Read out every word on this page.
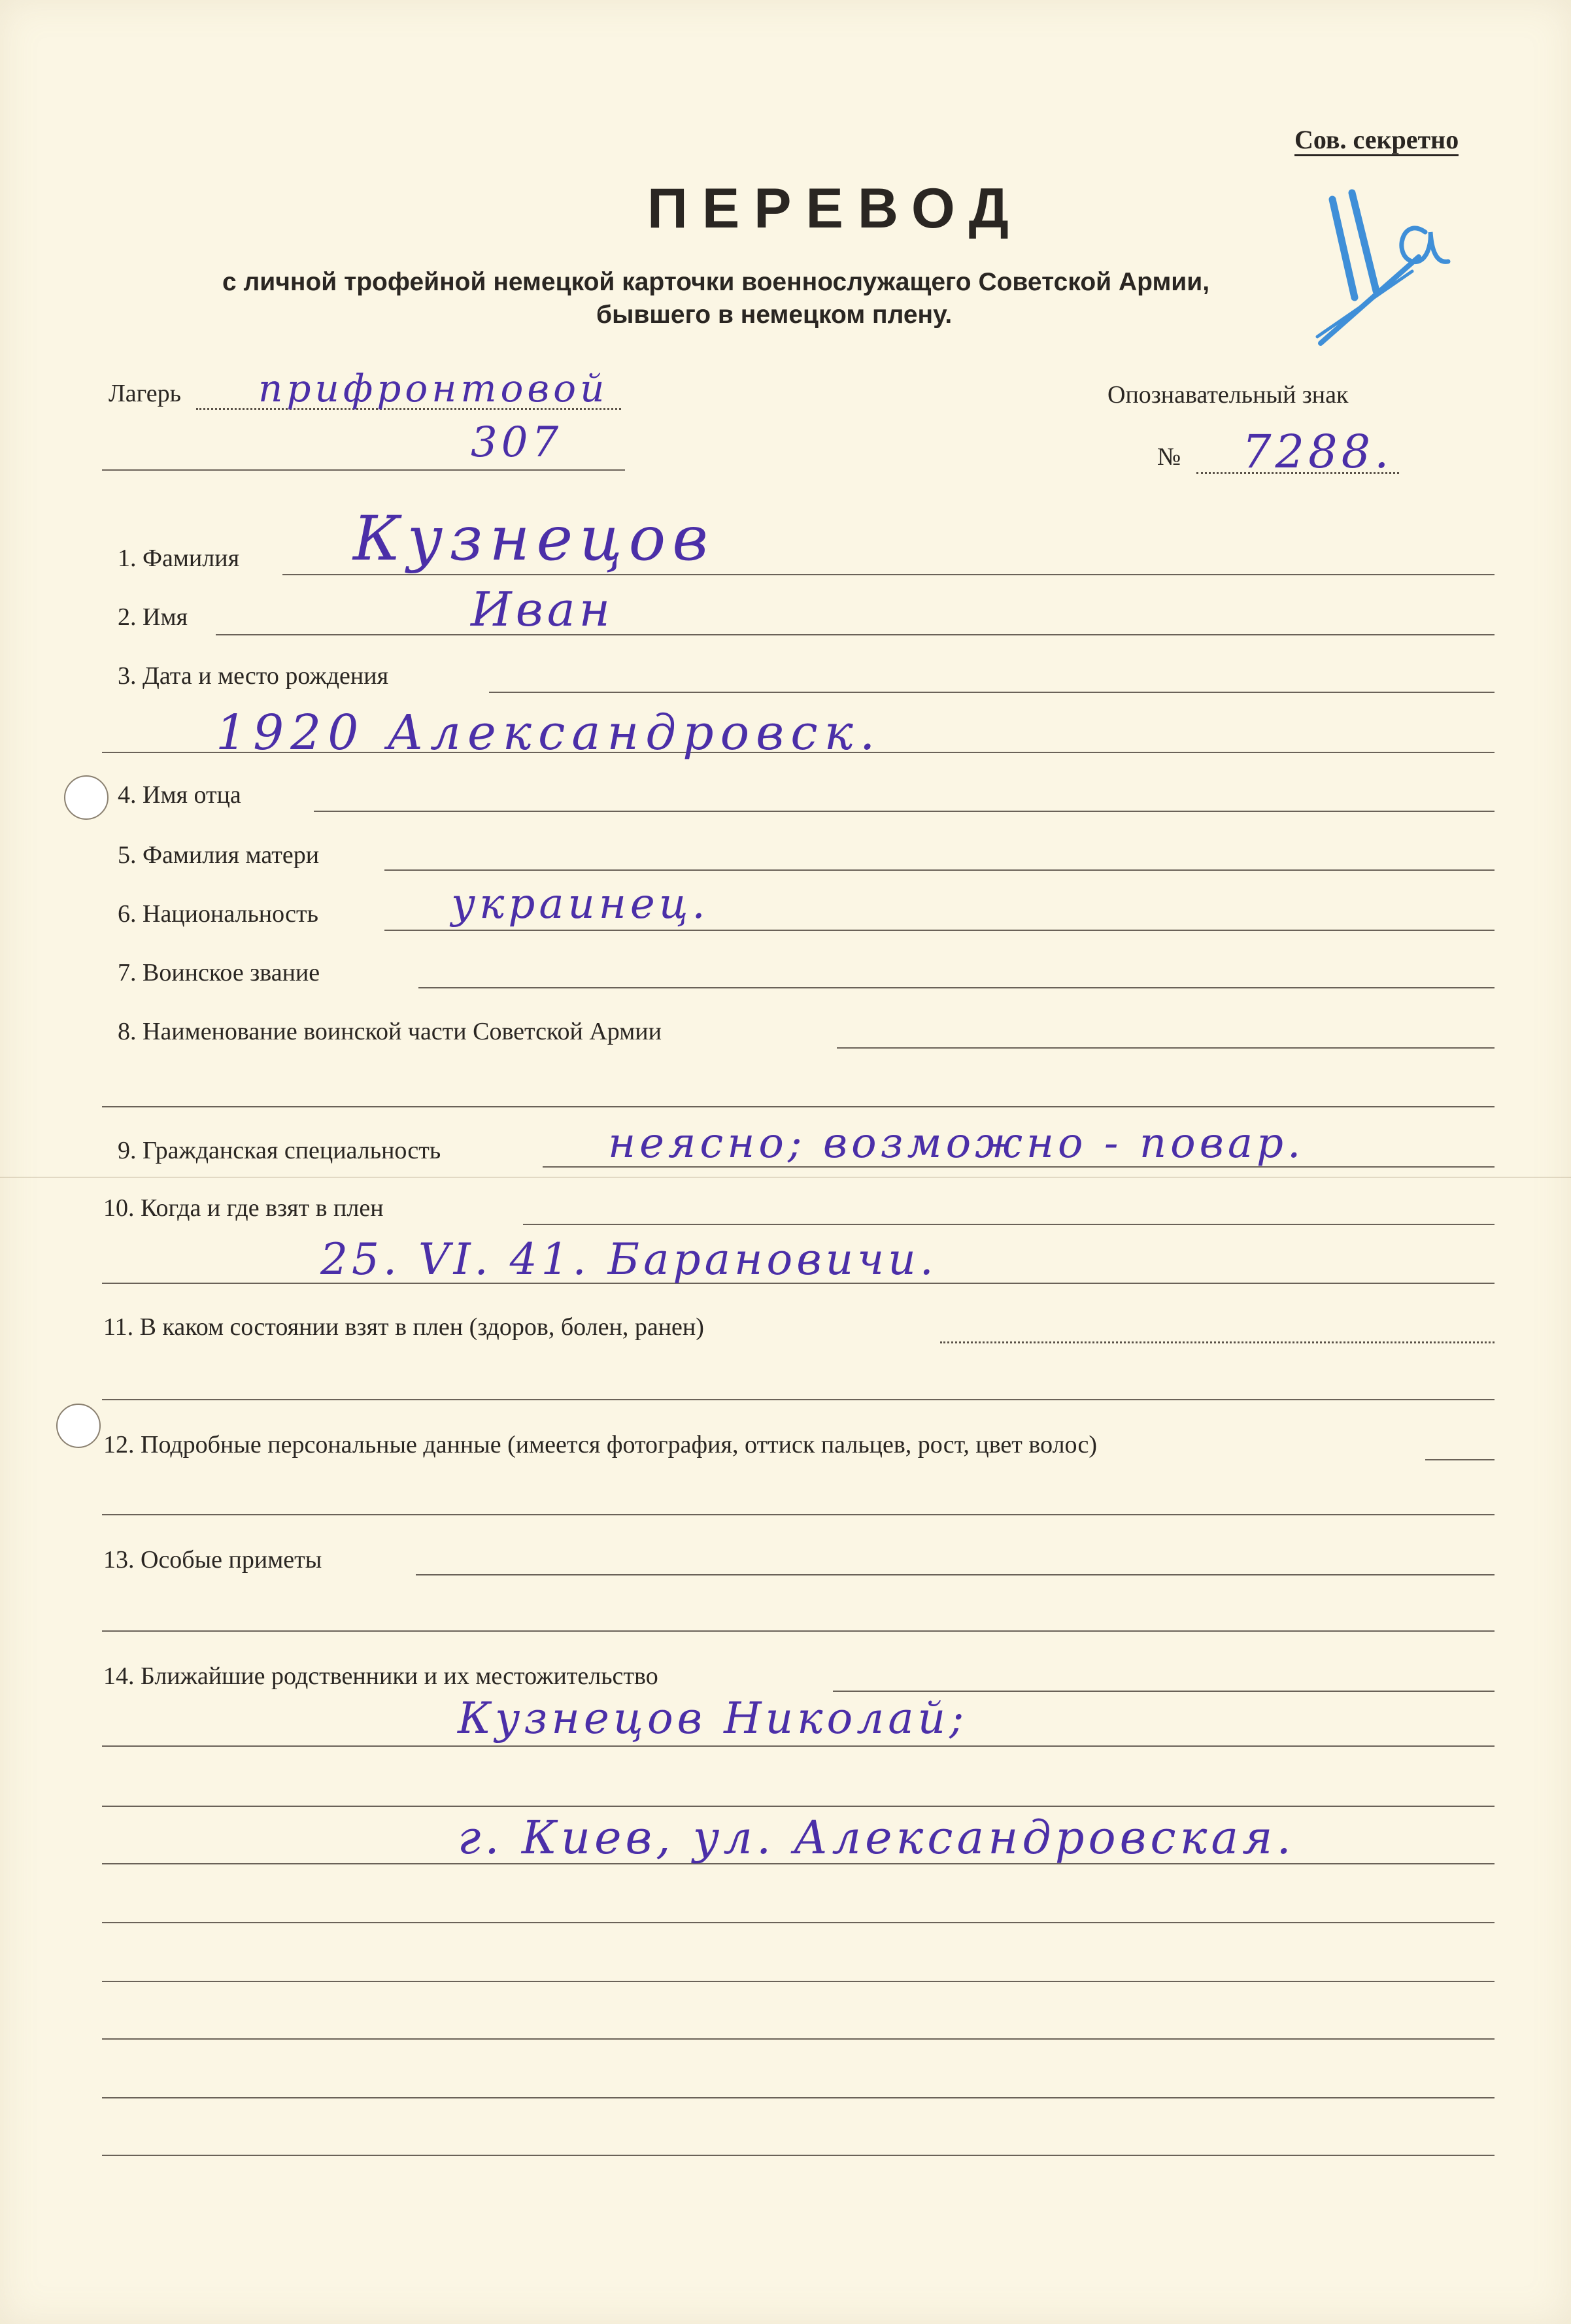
Сов. секретно
ПЕРЕВОД
с личной трофейной немецкой карточки военнослужащего Советской Армии,
бывшего в немецком плену.
Лагерь прифронтовой
307
Опознавательный знак
№ 7288.
1. Фамилия Кузнецов
2. Имя	Иван
3. Дата и место рождения
1920 Александровск.
4. Имя отца
5. Фамилия матери
6. Национальность	украинец.
7. Воинское звание
8. Наименование воинской части Советской Армии
9. Гражданская специальность	неясно; возможно - повар.
10. Когда и где взят в плен
25. VI. 41. Барановичи.
11. В каком состоянии взят в плен (здоров, болен, ранен)
12. Подробные персональные данные (имеется фотография, оттиск пальцев, рост, цвет волос)
13. Особые приметы
14. Ближайшие родственники и их местожительство
Кузнецов Николай;
г. Киев, ул. Александровская.
